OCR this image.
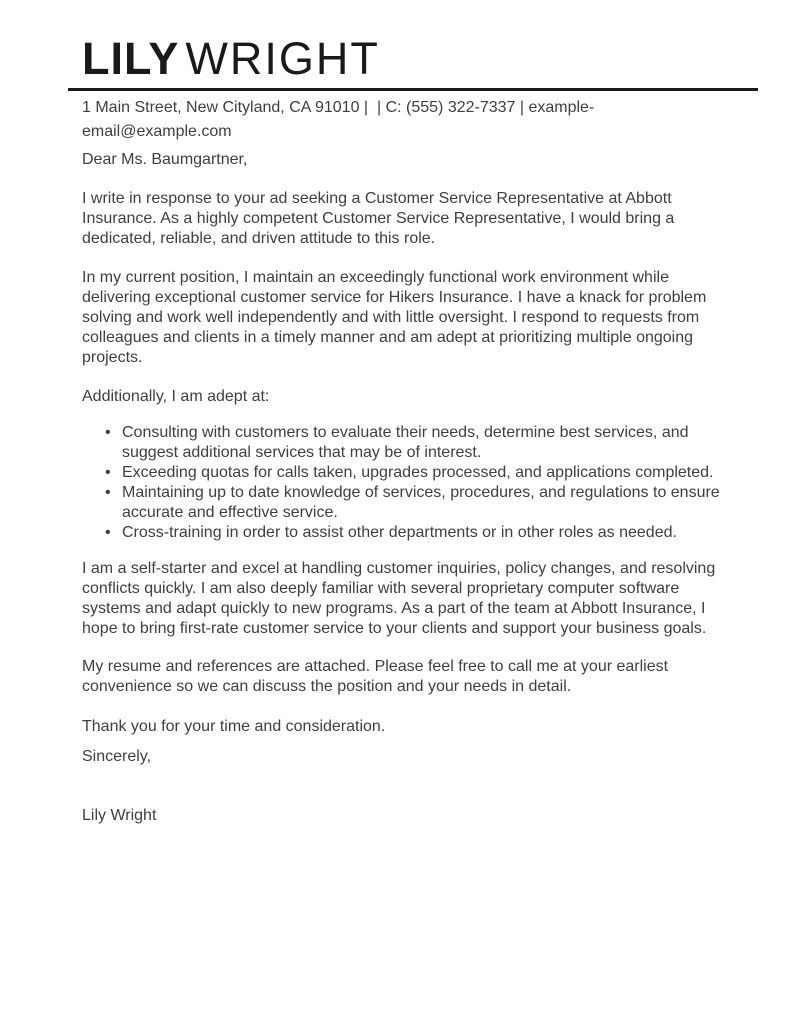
LILY WRIGHT

1 Main Street, New Cityland, CA 91010 |  | C: (555) 322-7337 | example-email@example.com

Dear Ms. Baumgartner,

I write in response to your ad seeking a Customer Service Representative at Abbott Insurance. As a highly competent Customer Service Representative, I would bring a dedicated, reliable, and driven attitude to this role.

In my current position, I maintain an exceedingly functional work environment while delivering exceptional customer service for Hikers Insurance. I have a knack for problem solving and work well independently and with little oversight. I respond to requests from colleagues and clients in a timely manner and am adept at prioritizing multiple ongoing projects.

Additionally, I am adept at:

• Consulting with customers to evaluate their needs, determine best services, and suggest additional services that may be of interest.
• Exceeding quotas for calls taken, upgrades processed, and applications completed.
• Maintaining up to date knowledge of services, procedures, and regulations to ensure accurate and effective service.
• Cross-training in order to assist other departments or in other roles as needed.

I am a self-starter and excel at handling customer inquiries, policy changes, and resolving conflicts quickly. I am also deeply familiar with several proprietary computer software systems and adapt quickly to new programs. As a part of the team at Abbott Insurance, I hope to bring first-rate customer service to your clients and support your business goals.

My resume and references are attached. Please feel free to call me at your earliest convenience so we can discuss the position and your needs in detail.

Thank you for your time and consideration.

Sincerely,

Lily Wright
